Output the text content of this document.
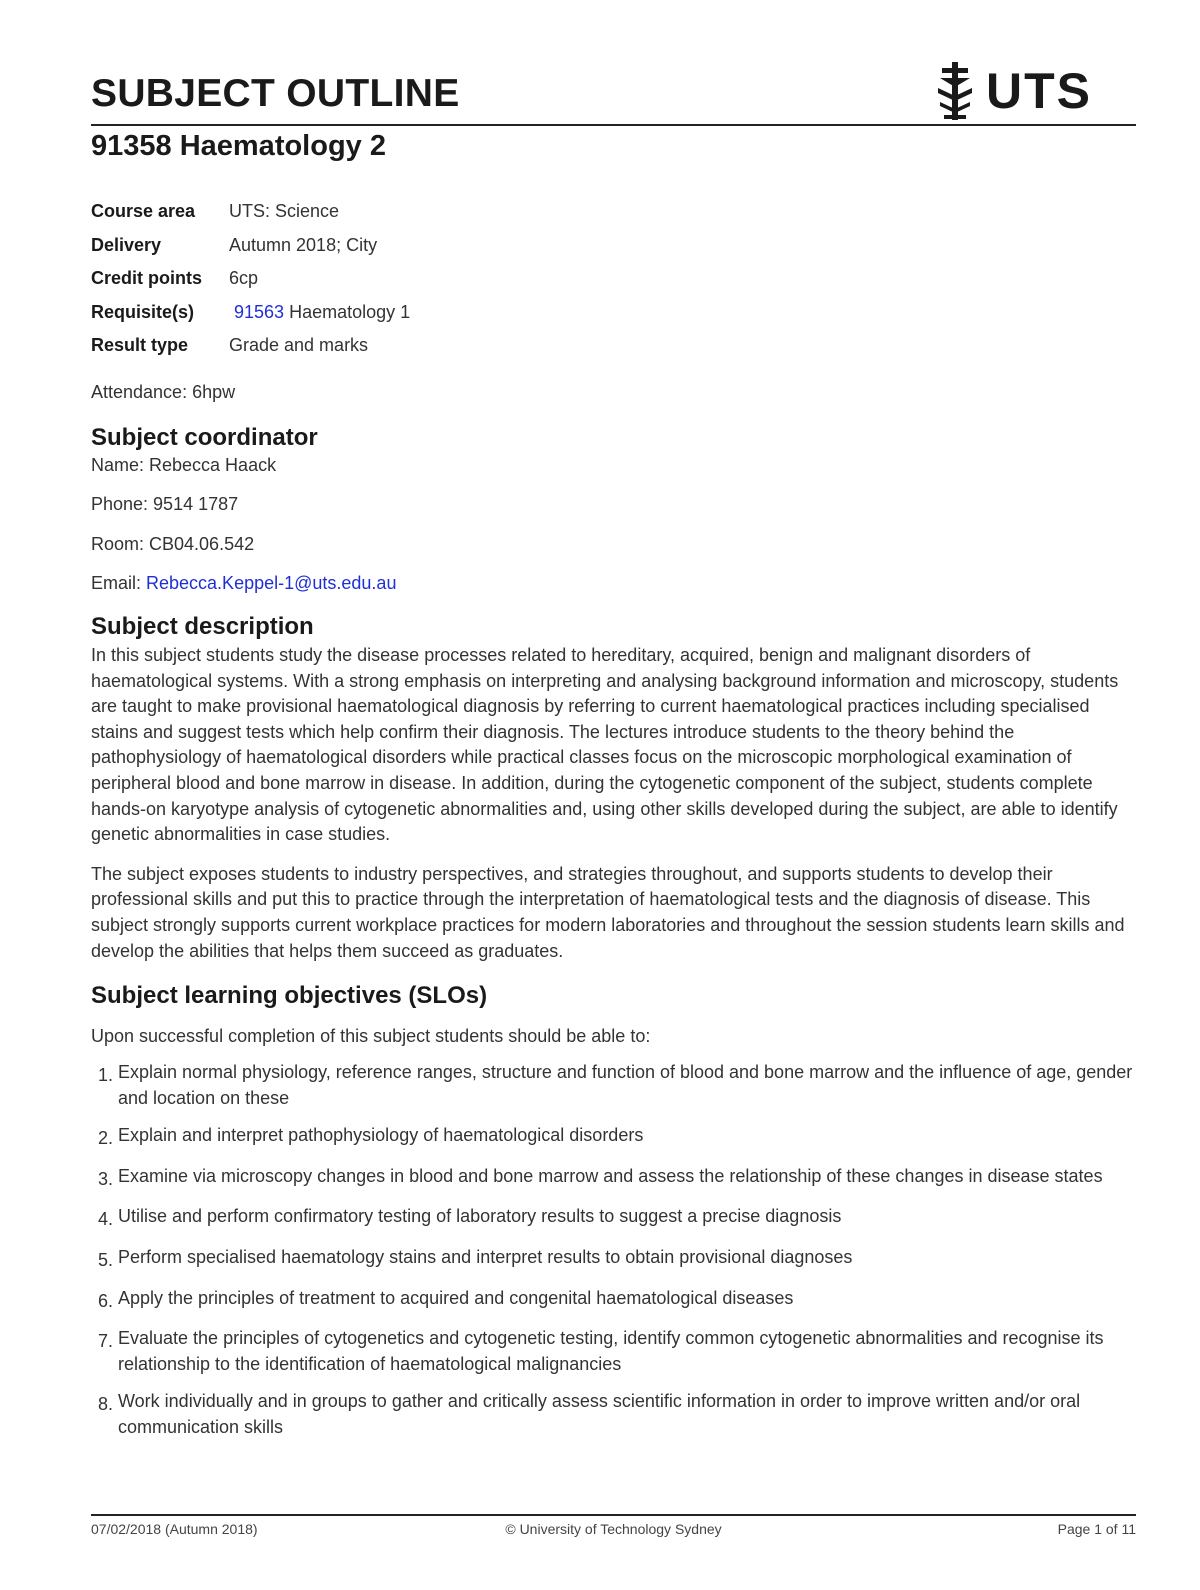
SUBJECT OUTLINE	UTS
91358 Haematology 2
Course area	UTS: Science
Delivery	Autumn 2018; City
Credit points	6cp
Requisite(s)	91563 Haematology 1
Result type	Grade and marks
Attendance: 6hpw
Subject coordinator
Name: Rebecca Haack
Phone: 9514 1787
Room: CB04.06.542
Email: Rebecca.Keppel-1@uts.edu.au
Subject description

In this subject students study the disease processes related to hereditary, acquired, benign and malignant disorders of haematological systems. With a strong emphasis on interpreting and analysing background information and microscopy, students are taught to make provisional haematological diagnosis by referring to current haematological practices including specialised stains and suggest tests which help confirm their diagnosis. The lectures introduce students to the theory behind the pathophysiology of haematological disorders while practical classes focus on the microscopic morphological examination of peripheral blood and bone marrow in disease. In addition, during the cytogenetic component of the subject, students complete hands-on karyotype analysis of cytogenetic abnormalities and, using other skills developed during the subject, are able to identify genetic abnormalities in case studies.

The subject exposes students to industry perspectives, and strategies throughout, and supports students to develop their professional skills and put this to practice through the interpretation of haematological tests and the diagnosis of disease. This subject strongly supports current workplace practices for modern laboratories and throughout the session students learn skills and develop the abilities that helps them succeed as graduates.

Subject learning objectives (SLOs)
Upon successful completion of this subject students should be able to:
1. Explain normal physiology, reference ranges, structure and function of blood and bone marrow and the influence of age, gender and location on these
2. Explain and interpret pathophysiology of haematological disorders
3. Examine via microscopy changes in blood and bone marrow and assess the relationship of these changes in disease states
4. Utilise and perform confirmatory testing of laboratory results to suggest a precise diagnosis
5. Perform specialised haematology stains and interpret results to obtain provisional diagnoses
6. Apply the principles of treatment to acquired and congenital haematological diseases
7. Evaluate the principles of cytogenetics and cytogenetic testing, identify common cytogenetic abnormalities and recognise its relationship to the identification of haematological malignancies
8. Work individually and in groups to gather and critically assess scientific information in order to improve written and/or oral communication skills
07/02/2018 (Autumn 2018)	© University of Technology Sydney	Page 1 of 11
